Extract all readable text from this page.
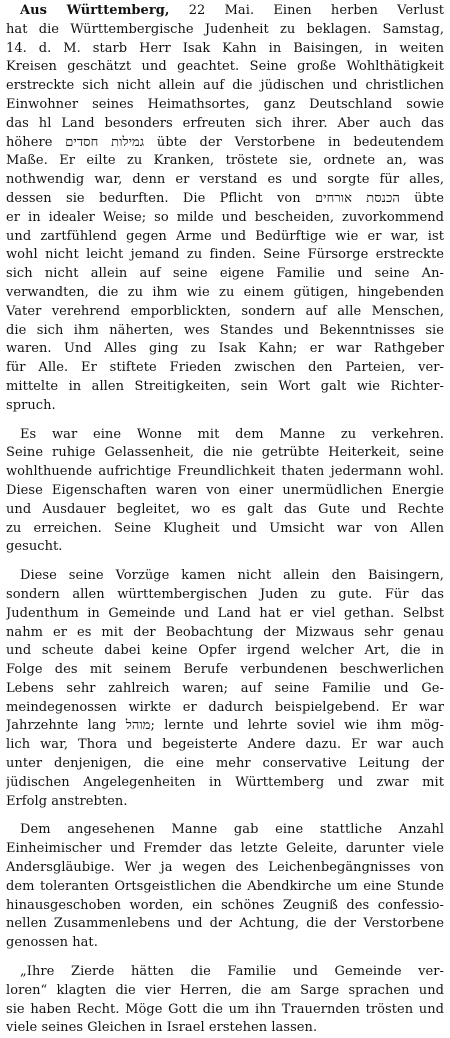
Aus Württemberg, 22 Mai. Einen herben Verlust
hat die Württembergische Judenheit zu beklagen. Samstag,
14. d. M. starb Herr Isak Kahn in Baisingen, in weiten
Kreisen geschätzt und geachtet. Seine große Wohlthätigkeit
erstreckte sich nicht allein auf die jüdischen und christlichen
Einwohner seines Heimathsortes, ganz Deutschland sowie
das hl Land besonders erfreuten sich ihrer. Aber auch das
höhere גמילות חסדים übte der Verstorbene in bedeutendem
Maße. Er eilte zu Kranken, tröstete sie, ordnete an, was
nothwendig war, denn er verstand es und sorgte für alles,
dessen sie bedurften. Die Pflicht von הכנסת אורחים übte
er in idealer Weise; so milde und bescheiden, zuvorkommend
und zartfühlend gegen Arme und Bedürftige wie er war, ist
wohl nicht leicht jemand zu finden. Seine Fürsorge erstreckte
sich nicht allein auf seine eigene Familie und seine An-
verwandten, die zu ihm wie zu einem gütigen, hingebenden
Vater verehrend emporblickten, sondern auf alle Menschen,
die sich ihm näherten, wes Standes und Bekenntnisses sie
waren. Und Alles ging zu Isak Kahn; er war Rathgeber
für Alle. Er stiftete Frieden zwischen den Parteien, ver-
mittelte in allen Streitigkeiten, sein Wort galt wie Richter-
spruch.
Es war eine Wonne mit dem Manne zu verkehren.
Seine ruhige Gelassenheit, die nie getrübte Heiterkeit, seine
wohlthuende aufrichtige Freundlichkeit thaten jedermann wohl.
Diese Eigenschaften waren von einer unermüdlichen Energie
und Ausdauer begleitet, wo es galt das Gute und Rechte
zu erreichen. Seine Klugheit und Umsicht war von Allen
gesucht.
Diese seine Vorzüge kamen nicht allein den Baisingern,
sondern allen württembergischen Juden zu gute. Für das
Judenthum in Gemeinde und Land hat er viel gethan. Selbst
nahm er es mit der Beobachtung der Mizwaus sehr genau
und scheute dabei keine Opfer irgend welcher Art, die in
Folge des mit seinem Berufe verbundenen beschwerlichen
Lebens sehr zahlreich waren; auf seine Familie und Ge-
meindegenossen wirkte er dadurch beispielgebend. Er war
Jahrzehnte lang מוהל; lernte und lehrte soviel wie ihm mög-
lich war, Thora und begeisterte Andere dazu. Er war auch
unter denjenigen, die eine mehr conservative Leitung der
jüdischen Angelegenheiten in Württemberg und zwar mit
Erfolg anstrebten.
Dem angesehenen Manne gab eine stattliche Anzahl
Einheimischer und Fremder das letzte Geleite, darunter viele
Andersgläubige. Wer ja wegen des Leichenbegängnisses von
dem toleranten Ortsgeistlichen die Abendkirche um eine Stunde
hinausgeschoben worden, ein schönes Zeugniß des confessio-
nellen Zusammenlebens und der Achtung, die der Verstorbene
genossen hat.
„Ihre Zierde hätten die Familie und Gemeinde ver-
loren“ klagten die vier Herren, die am Sarge sprachen und
sie haben Recht. Möge Gott die um ihn Trauernden trösten und
viele seines Gleichen in Israel erstehen lassen.
